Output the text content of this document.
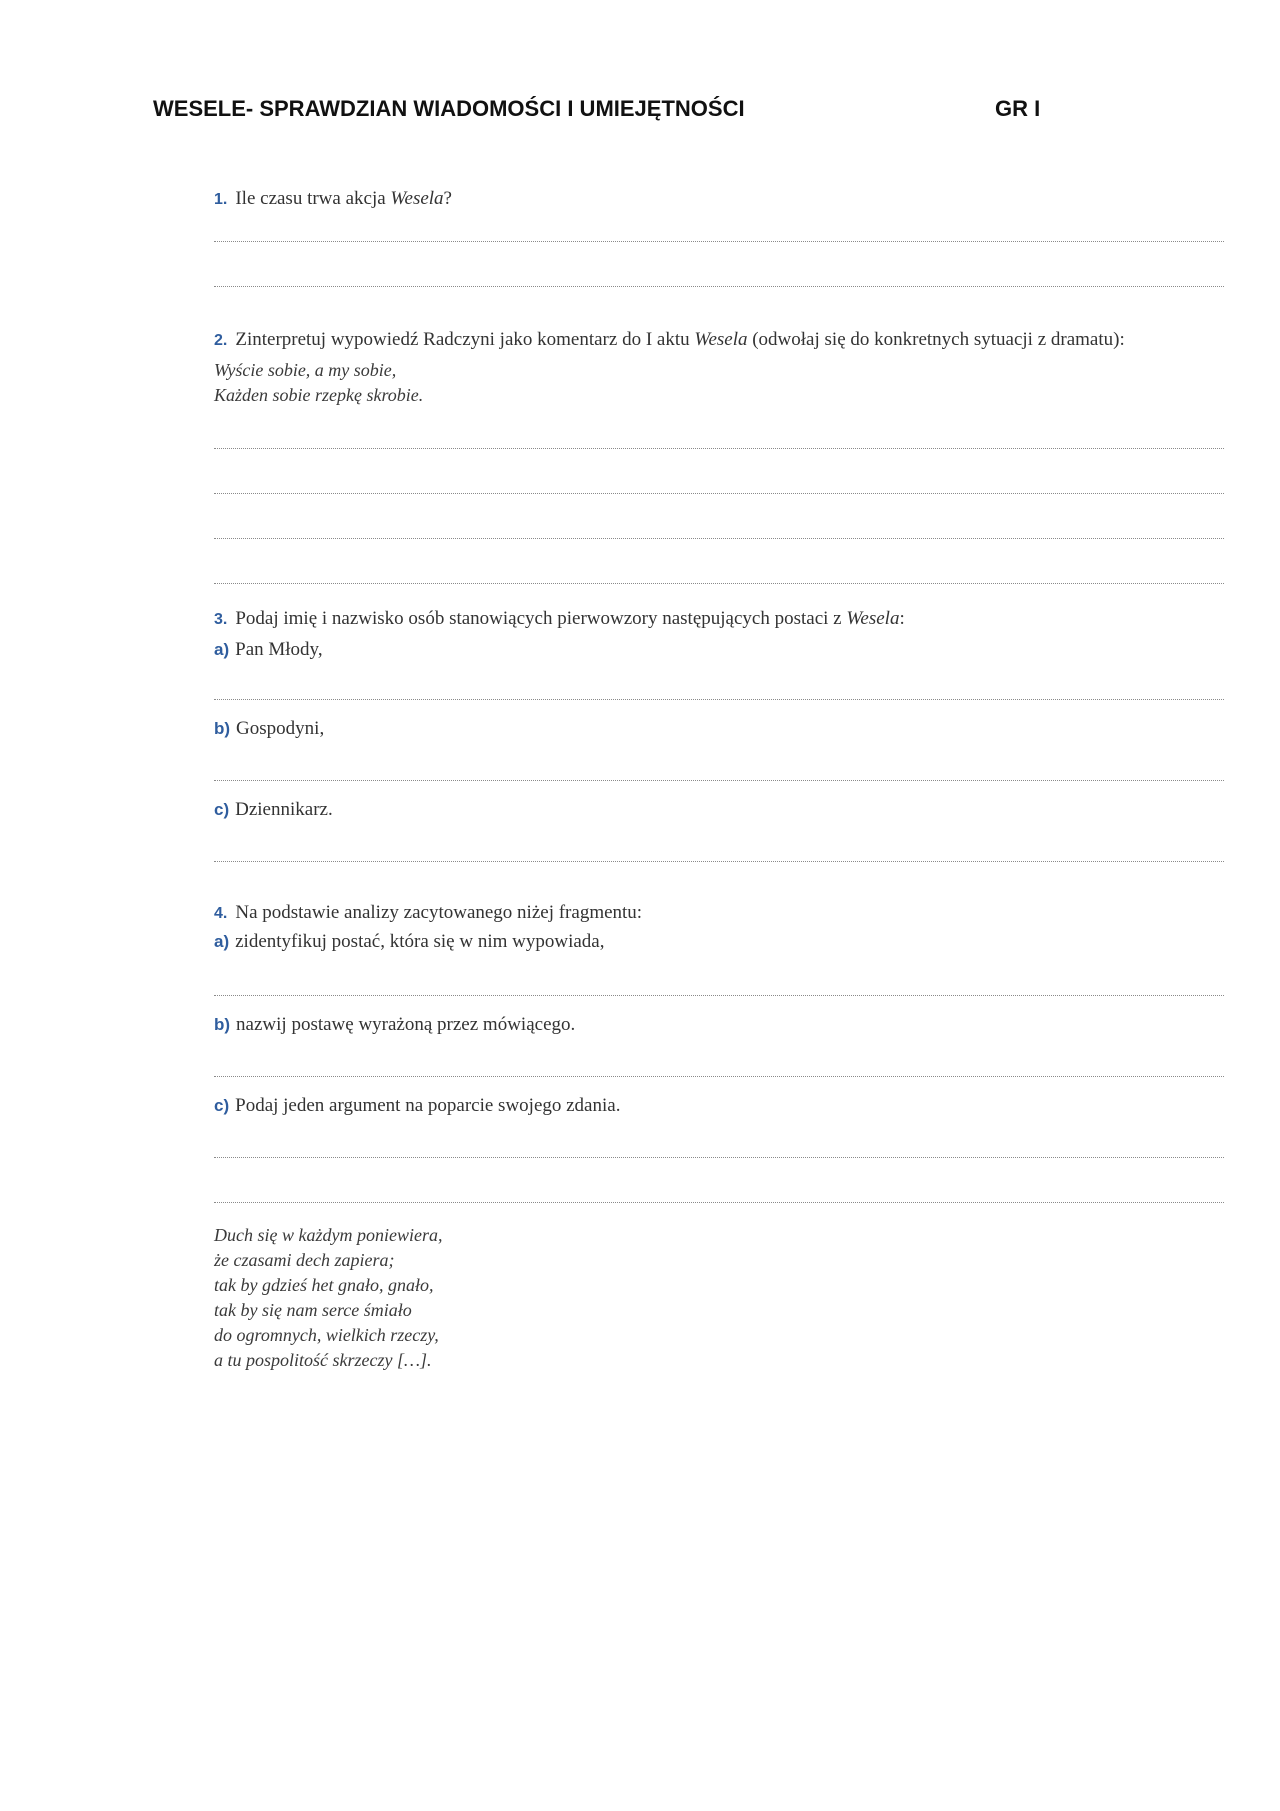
WESELE- SPRAWDZIAN WIADOMOŚCI I UMIEJĘTNOŚCI	GR I
1. Ile czasu trwa akcja Wesela?
2. Zinterpretuj wypowiedź Radczyni jako komentarz do I aktu Wesela (odwołaj się do konkretnych sytuacji z dramatu):
Wyście sobie, a my sobie,
Każden sobie rzepkę skrobie.
3. Podaj imię i nazwisko osób stanowiących pierwowzory następujących postaci z Wesela:
a) Pan Młody,
b) Gospodyni,
c) Dziennikarz.
4. Na podstawie analizy zacytowanego niżej fragmentu:
a) zidentyfikuj postać, która się w nim wypowiada,
b) nazwij postawę wyrażoną przez mówiącego.
c) Podaj jeden argument na poparcie swojego zdania.
Duch się w każdym poniewiera,
że czasami dech zapiera;
tak by gdzieś het gnało, gnało,
tak by się nam serce śmiało
do ogromnych, wielkich rzeczy,
a tu pospolitość skrzeczy […].
